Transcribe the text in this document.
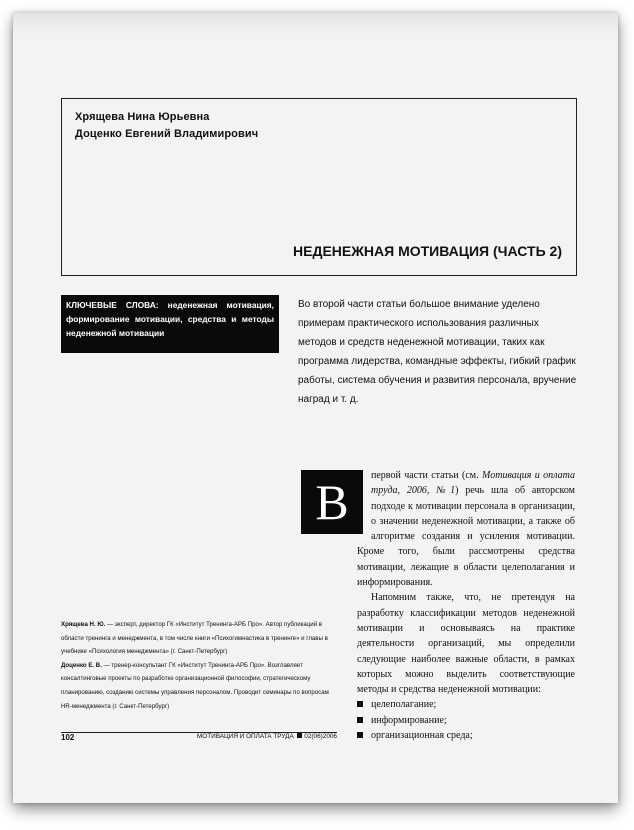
Хрящева Нина Юрьевна
Доценко Евгений Владимирович
НЕДЕНЕЖНАЯ МОТИВАЦИЯ (ЧАСТЬ 2)
КЛЮЧЕВЫЕ СЛОВА: неденежная мотивация, формирование мотивации, средства и методы неденежной мотивации
Во второй части статьи большое внимание уделено примерам практического использования различных методов и средств неденежной мотивации, таких как программа лидерства, командные эффекты, гибкий график работы, система обучения и развития персонала, вручение наград и т. д.

В	первой части статьи (см. Мотивация и оплата труда, 2006, №1) речь шла об авторском подходе к мотивации персонала в организации, о значении неденежной мотивации, а также об алгоритме создания и усиления мотивации. Кроме того, были рассмотрены средства мотивации, лежащие в области целеполагания и информирования.

Напомним также, что, не претендуя на разработку классификации методов неденежной мотивации и основываясь на практике деятельности организаций, мы определили следующие наиболее важные области, в рамках которых можно выделить соответствующие методы и средства неденежной мотивации:

целеполагание;
информирование;
организационная среда;
Хрящева Н. Ю. — эксперт, директор ГК «Институт Тренинга-АРБ Про». Автор публикаций в области тренинга и менеджмента, в том числе книги «Психогимнастика в тренинге» и главы в учебнике «Психология менеджмента» (г. Санкт-Петербург)
Доценко Е. В. — тренер-консультант ГК «Институт Тренинга-АРБ Про». Возглавляет консалтинговые проекты по разработке организационной философии, стратегическому планированию, созданию системы управления персоналом. Проводит семинары по вопросам HR-менеджмента (г. Санкт-Петербург)
102	МОТИВАЦИЯ И ОПЛАТА ТРУДА 02(06)2006
